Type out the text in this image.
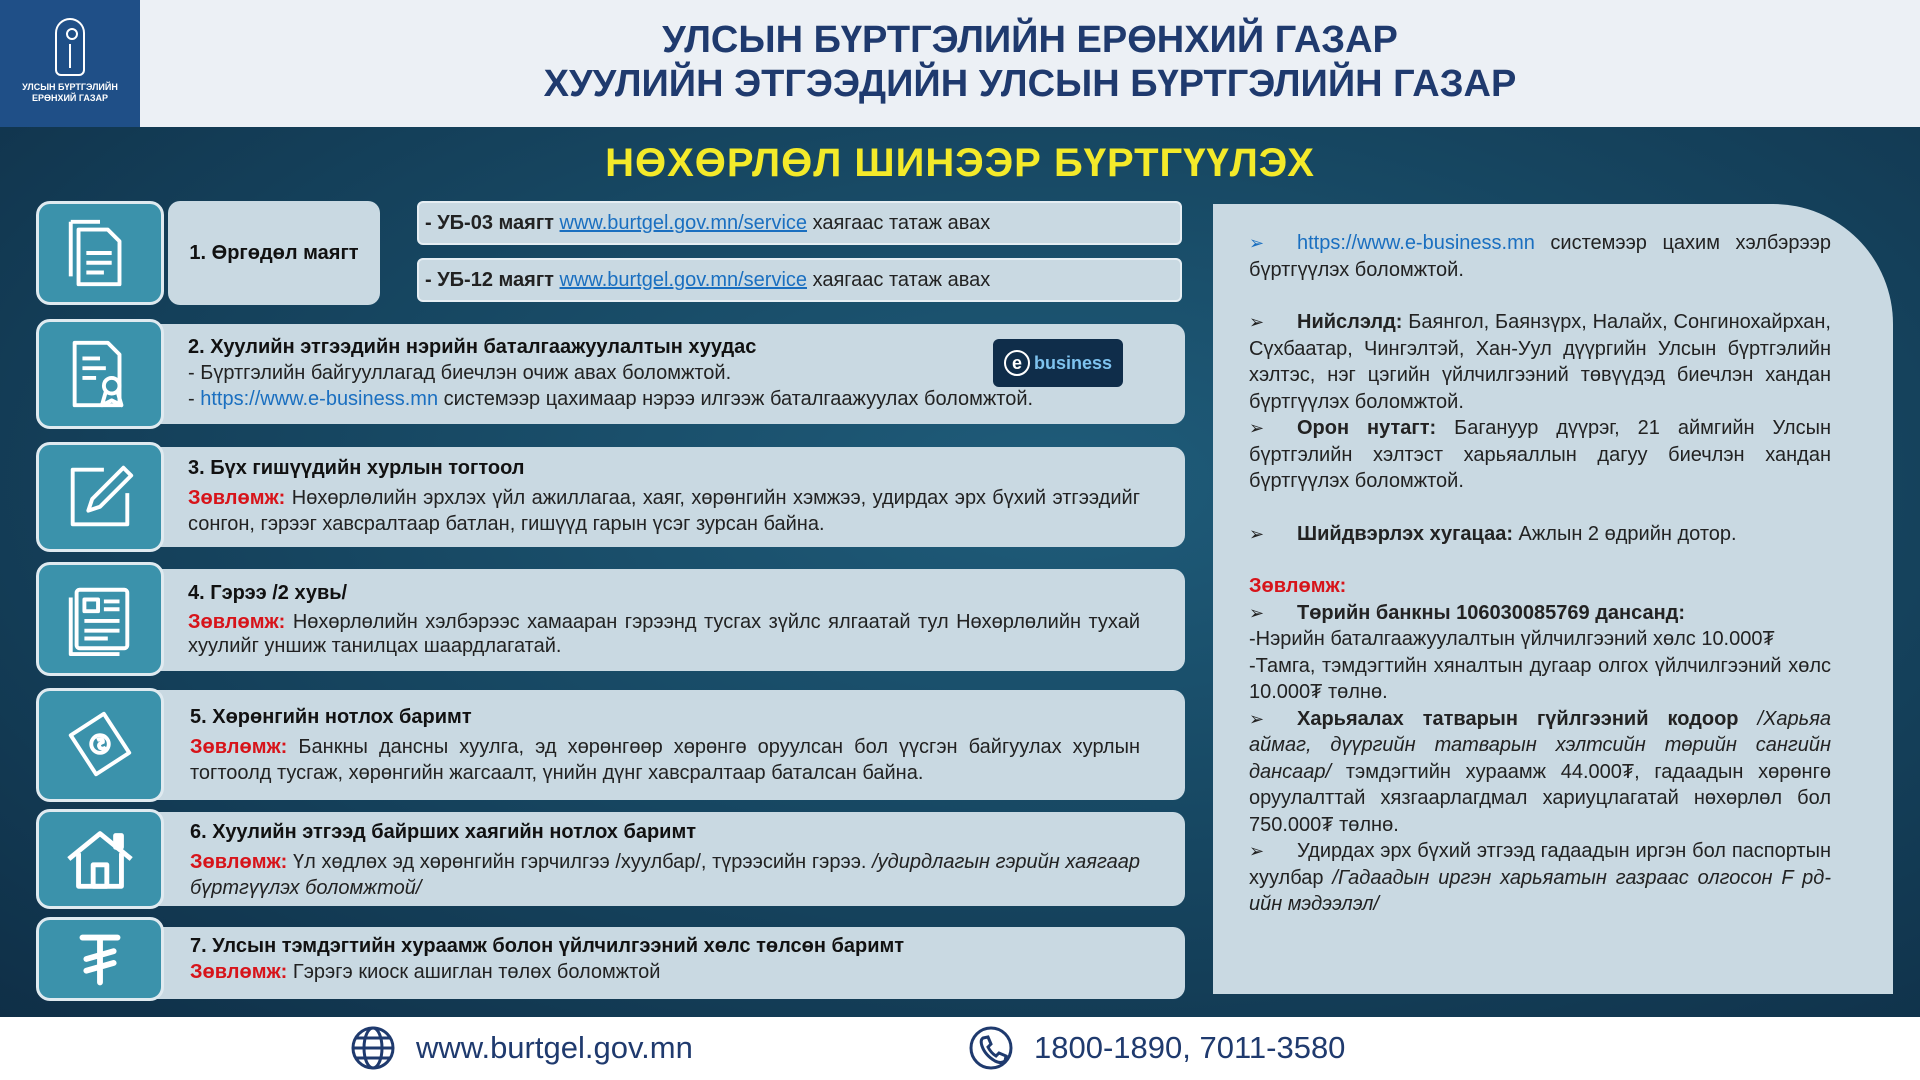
УЛСЫН БҮРТГЭЛИЙН ЕРӨНХИЙ ГАЗАР
УЛСЫН БҮРТГЭЛИЙН ЕРӨНХИЙ ГАЗАР
ХУУЛИЙН ЭТГЭЭДИЙН УЛСЫН БҮРТГЭЛИЙН ГАЗАР
НӨХӨРЛӨЛ ШИНЭЭР БҮРТГҮҮЛЭХ
1. Өргөдөл маягт
- УБ-03 маягт www.burtgel.gov.mn/service хаягаас татаж авах
- УБ-12 маягт www.burtgel.gov.mn/service хаягаас татаж авах
2. Хуулийн этгээдийн нэрийн баталгаажуулалтын хуудас
- Бүртгэлийн байгууллагад биечлэн очиж авах боломжтой.
- https://www.e-business.mn системээр цахимаар нэрээ илгээж баталгаажуулах боломжтой.
e business
3. Бүх гишүүдийн хурлын тогтоол
Зөвлөмж: Нөхөрлөлийн эрхлэх үйл ажиллагаа, хаяг, хөрөнгийн хэмжээ, удирдах эрх бүхий этгээдийг сонгон, гэрээг хавсралтаар батлан, гишүүд гарын үсэг зурсан байна.
4. Гэрээ /2 хувь/
Зөвлөмж: Нөхөрлөлийн хэлбэрээс хамааран гэрээнд тусгах зүйлс ялгаатай тул Нөхөрлөлийн тухай хуулийг уншиж танилцах шаардлагатай.
5. Хөрөнгийн нотлох баримт
Зөвлөмж: Банкны дансны хуулга, эд хөрөнгөөр хөрөнгө оруулсан бол үүсгэн байгуулах хурлын тогтоолд тусгаж, хөрөнгийн жагсаалт, үнийн дүнг хавсралтаар баталсан байна.
6. Хуулийн этгээд байрших хаягийн нотлох баримт
Зөвлөмж: Үл хөдлөх эд хөрөнгийн гэрчилгээ /хуулбар/, түрээсийн гэрээ. /удирдлагын гэрийн хаягаар бүртгүүлэх боломжтой/
7. Улсын тэмдэгтийн хураамж болон үйлчилгээний хөлс төлсөн баримт
Зөвлөмж: Гэрэгэ киоск ашиглан төлөх боломжтой

➢ https://www.e-business.mn системээр цахим хэлбэрээр бүртгүүлэх боломжтой.

➢ Нийслэлд: Баянгол, Баянзүрх, Налайх, Сонгинохайрхан, Сүхбаатар, Чингэлтэй, Хан-Уул дүүргийн Улсын бүртгэлийн хэлтэс, нэг цэгийн үйлчилгээний төвүүдэд биечлэн хандан бүртгүүлэх боломжтой.

➢ Орон нутагт: Багануур дүүрэг, 21 аймгийн Улсын бүртгэлийн хэлтэст харьяаллын дагуу биечлэн хандан бүртгүүлэх боломжтой.

➢ Шийдвэрлэх хугацаа: Ажлын 2 өдрийн дотор.

Зөвлөмж:

➢ Төрийн банкны 106030085769 дансанд:

-Нэрийн баталгаажуулалтын үйлчилгээний хөлс 10.000₮

-Тамга, тэмдэгтийн хяналтын дугаар олгох үйлчилгээний хөлс 10.000₮ төлнө.

➢ Харьяалах татварын гүйлгээний кодоор /Харьяа аймаг, дүүргийн татварын хэлтсийн төрийн сангийн дансаар/ тэмдэгтийн хураамж 44.000₮, гадаадын хөрөнгө оруулалттай хязгаарлагдмал хариуцлагатай нөхөрлөл бол 750.000₮ төлнө.

➢ Удирдах эрх бүхий этгээд гадаадын иргэн бол паспортын хуулбар /Гадаадын иргэн харьяатын газраас олгосон F рд-ийн мэдээлэл/

www.burtgel.gov.mn	1800-1890, 7011-3580
